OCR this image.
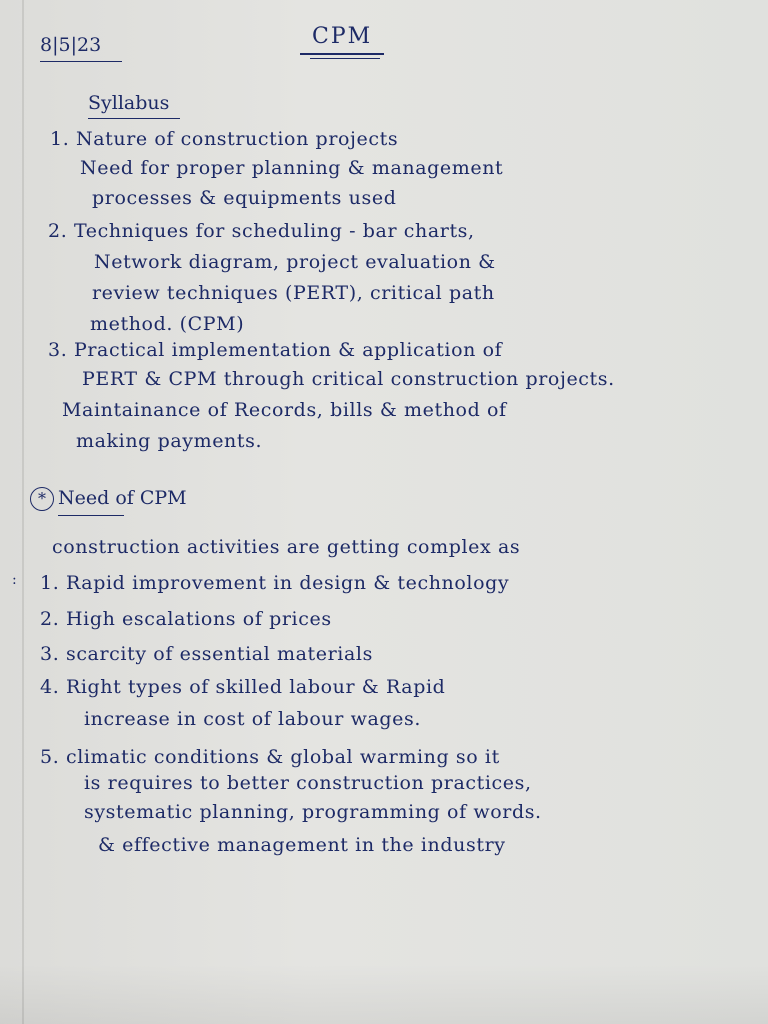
8|5|23	CPM
Syllabus
1. Nature of construction projects
Need for proper planning & management
processes & equipments used
2. Techniques for scheduling - bar charts,
Network diagram, project evaluation &
review techniques (PERT), critical path
method. (CPM)
3. Practical implementation & application of
PERT & CPM through critical construction projects.
Maintainance of Records, bills & method of
making payments.
* Need of CPM
:
construction activities are getting complex as
1. Rapid improvement in design & technology
2. High escalations of prices
3. scarcity of essential materials
4. Right types of skilled labour & Rapid
increase in cost of labour wages.
5. climatic conditions & global warming so it
is requires to better construction practices,
systematic planning, programming of words.
& effective management in the industry
